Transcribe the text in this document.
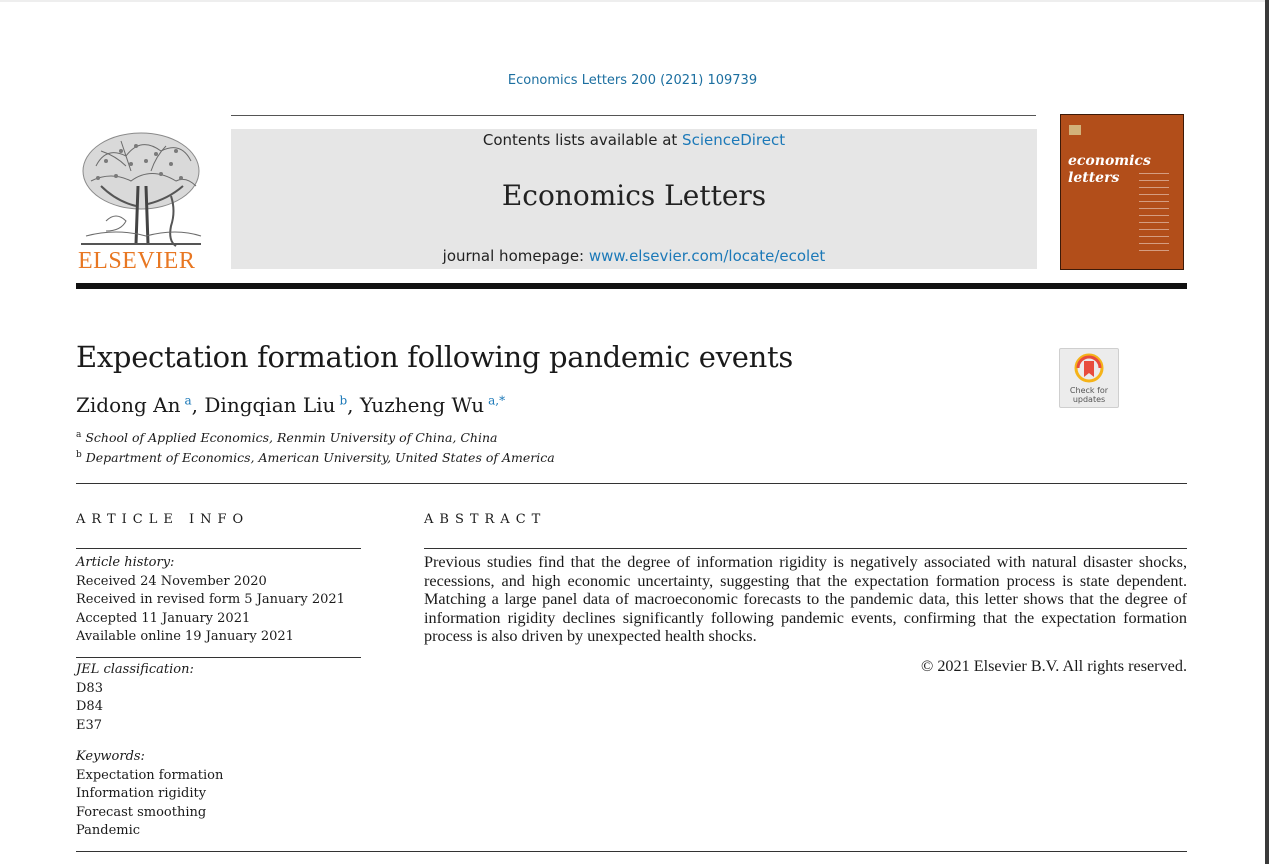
Economics Letters 200 (2021) 109739
ELSEVIER
Contents lists available at ScienceDirect
Economics Letters
journal homepage: www.elsevier.com/locate/ecolet
economics
letters
Expectation formation following pandemic events
Zidong An  $^a$, Dingqian Liu  $^b$, Yuzheng Wu  $^{a,*}$
$^a$ School of Applied Economics, Renmin University of China, China
$^b$ Department of Economics, American University, United States of America
Check for
updates
ARTICLE INFO
Article history:
Received 24 November 2020
Received in revised form 5 January 2021
Accepted 11 January 2021
Available online 19 January 2021
JEL classification:
D83
D84
E37
Keywords:
Expectation formation
Information rigidity
Forecast smoothing
Pandemic
ABSTRACT
Previous studies find that the degree of information rigidity is negatively associated with natural disaster shocks, recessions, and high economic uncertainty, suggesting that the expectation formation process is state dependent. Matching a large panel data of macroeconomic forecasts to the pandemic data, this letter shows that the degree of information rigidity declines significantly following pandemic events, confirming that the expectation formation process is also driven by unexpected health shocks.
© 2021 Elsevier B.V. All rights reserved.
